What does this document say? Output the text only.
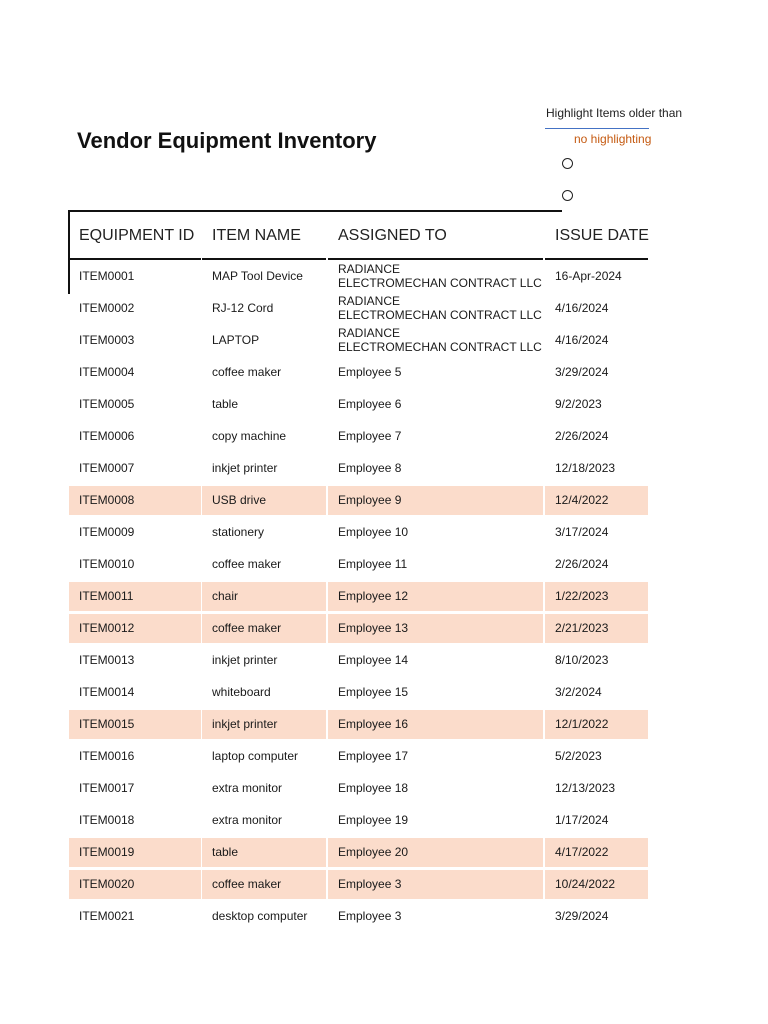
Vendor Equipment Inventory
Highlight Items older than
no highlighting
EQUIPMENT ID	ITEM NAME	ASSIGNED TO	ISSUE DATE
ITEM0001	MAP Tool Device	RADIANCE
ELECTROMECHAN CONTRACT LLC	16-Apr-2024
ITEM0002	RJ-12 Cord	RADIANCE
ELECTROMECHAN CONTRACT LLC	4/16/2024
ITEM0003	LAPTOP	RADIANCE
ELECTROMECHAN CONTRACT LLC	4/16/2024
ITEM0004	coffee maker	Employee 5	3/29/2024
ITEM0005	table	Employee 6	9/2/2023
ITEM0006	copy machine	Employee 7	2/26/2024
ITEM0007	inkjet printer	Employee 8	12/18/2023
ITEM0008	USB drive	Employee 9	12/4/2022
ITEM0009	stationery	Employee 10	3/17/2024
ITEM0010	coffee maker	Employee 11	2/26/2024
ITEM0011	chair	Employee 12	1/22/2023
ITEM0012	coffee maker	Employee 13	2/21/2023
ITEM0013	inkjet printer	Employee 14	8/10/2023
ITEM0014	whiteboard	Employee 15	3/2/2024
ITEM0015	inkjet printer	Employee 16	12/1/2022
ITEM0016	laptop computer	Employee 17	5/2/2023
ITEM0017	extra monitor	Employee 18	12/13/2023
ITEM0018	extra monitor	Employee 19	1/17/2024
ITEM0019	table	Employee 20	4/17/2022
ITEM0020	coffee maker	Employee 3	10/24/2022
ITEM0021	desktop computer	Employee 3	3/29/2024
